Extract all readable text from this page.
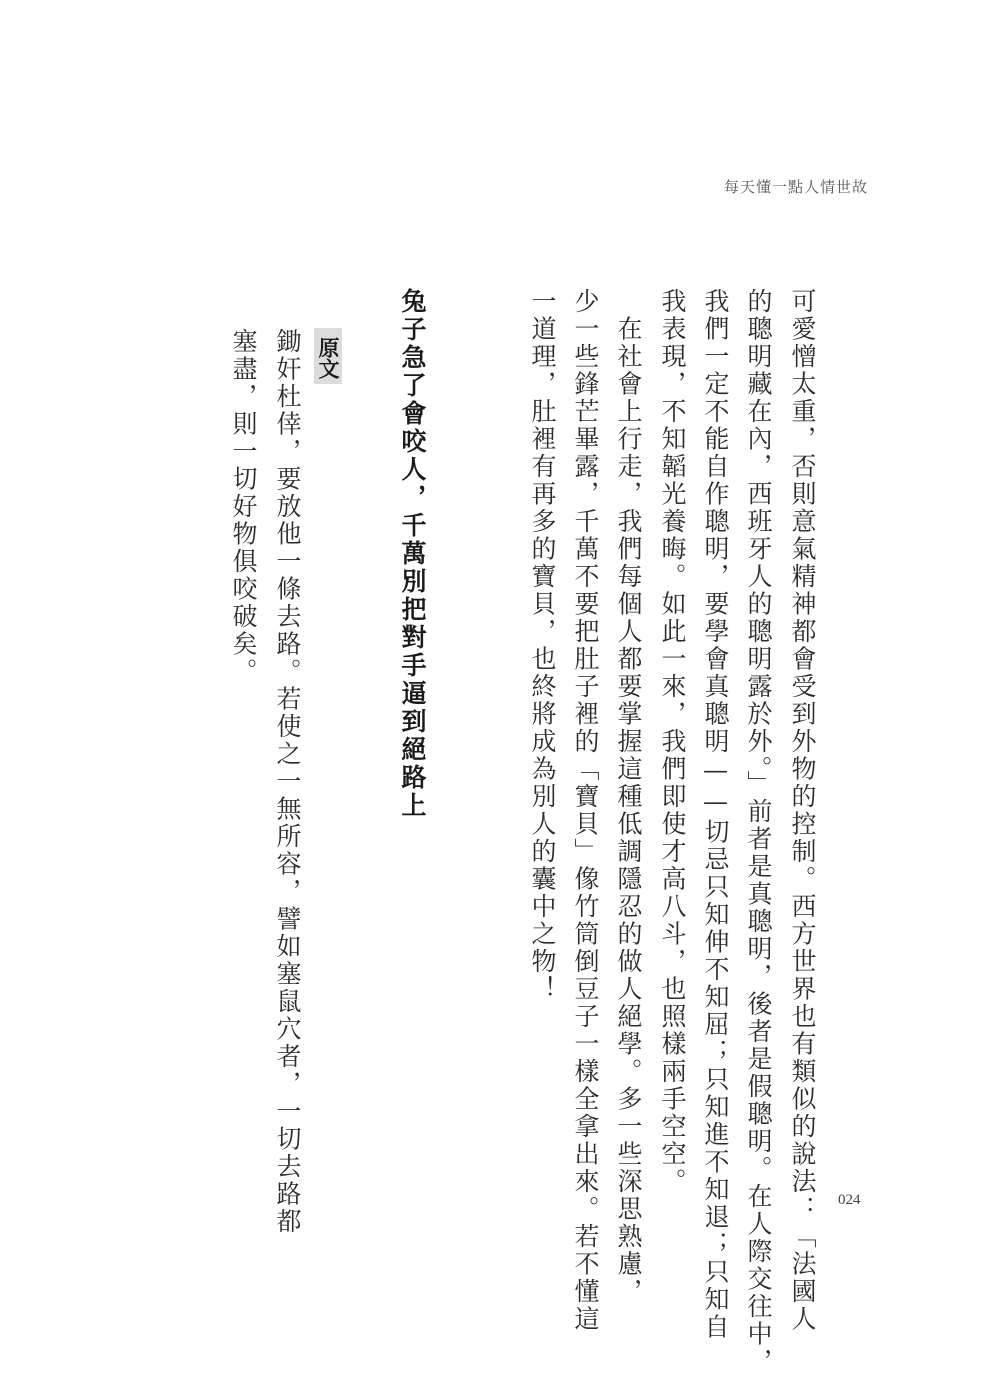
每天懂一點人情世故
可愛憎太重，否則意氣精神都會受到外物的控制。西方世界也有類似的說法：「法國人
的聰明藏在內，西班牙人的聰明露於外。」前者是真聰明，後者是假聰明。在人際交往中，
我們一定不能自作聰明，要學會真聰明——切忌只知伸不知屈；只知進不知退；只知自
我表現，不知韜光養晦。如此一來，我們即使才高八斗，也照樣兩手空空。
　在社會上行走，我們每個人都要掌握這種低調隱忍的做人絕學。多一些深思熟慮，
少一些鋒芒畢露，千萬不要把肚子裡的「寶貝」像竹筒倒豆子一樣全拿出來。若不懂這
一道理，肚裡有再多的寶貝，也終將成為別人的囊中之物！
兔子急了會咬人，千萬別把對手逼到絕路上
原文
鋤奸杜倖，要放他一條去路。若使之一無所容，譬如塞鼠穴者，一切去路都
塞盡，則一切好物俱咬破矣。
024
